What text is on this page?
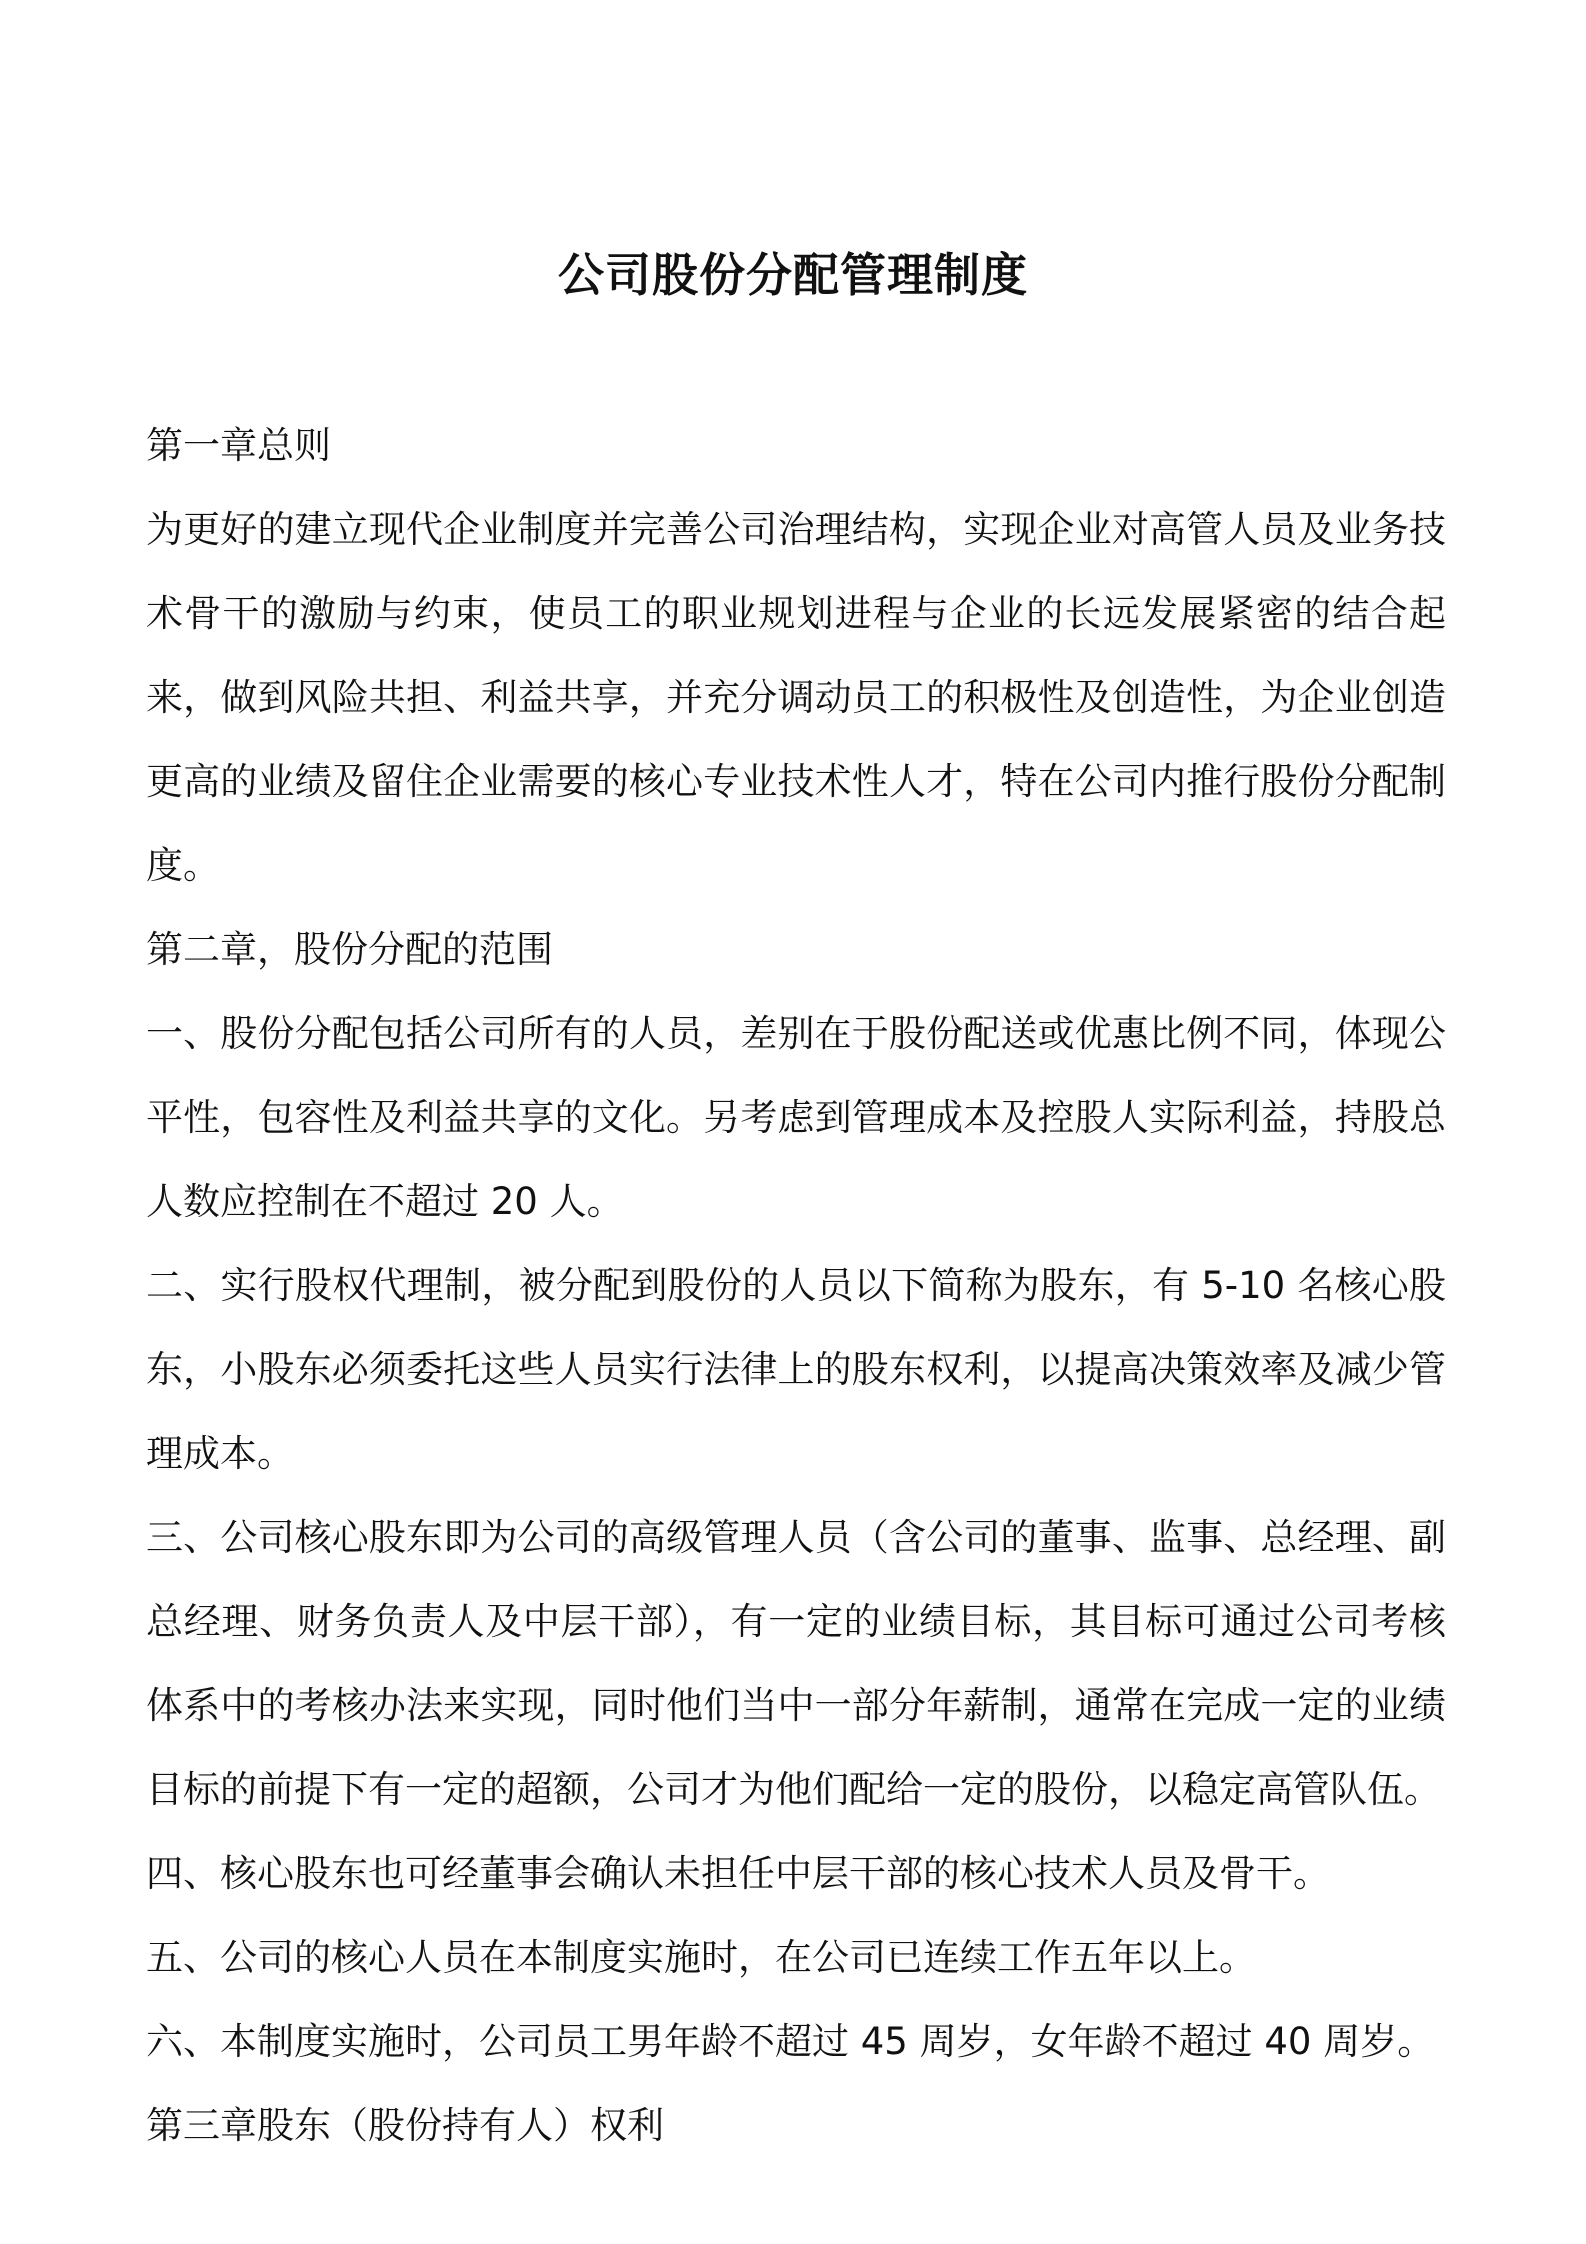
公司股份分配管理制度

第一章总则

为更好的建立现代企业制度并完善公司治理结构，实现企业对高管人员及业务技术骨干的激励与约束，使员工的职业规划进程与企业的长远发展紧密的结合起来，做到风险共担、利益共享，并充分调动员工的积极性及创造性，为企业创造更高的业绩及留住企业需要的核心专业技术性人才，特在公司内推行股份分配制度。

第二章，股份分配的范围

一、股份分配包括公司所有的人员，差别在于股份配送或优惠比例不同，体现公平性，包容性及利益共享的文化。另考虑到管理成本及控股人实际利益，持股总人数应控制在不超过 20 人。

二、实行股权代理制，被分配到股份的人员以下简称为股东，有 5-10 名核心股东，小股东必须委托这些人员实行法律上的股东权利，以提高决策效率及减少管理成本。

三、公司核心股东即为公司的高级管理人员（含公司的董事、监事、总经理、副总经理、财务负责人及中层干部），有一定的业绩目标，其目标可通过公司考核体系中的考核办法来实现，同时他们当中一部分年薪制，通常在完成一定的业绩目标的前提下有一定的超额，公司才为他们配给一定的股份，以稳定高管队伍。

四、核心股东也可经董事会确认未担任中层干部的核心技术人员及骨干。

五、公司的核心人员在本制度实施时，在公司已连续工作五年以上。

六、本制度实施时，公司员工男年龄不超过 45 周岁，女年龄不超过 40 周岁。

第三章股东（股份持有人）权利
